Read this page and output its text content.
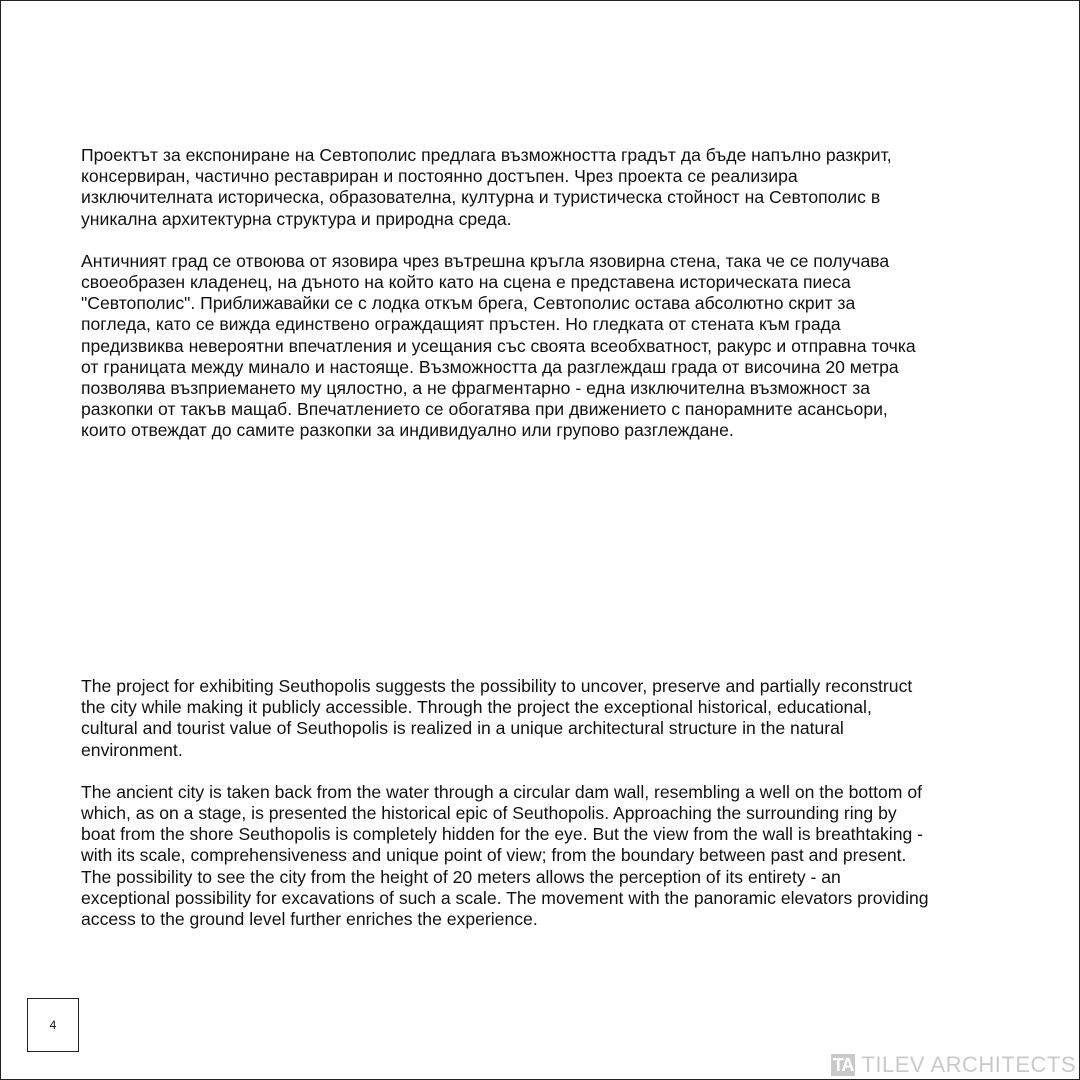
Проектът за експониране на Севтополис предлага възможността градът да бъде напълно разкрит,
консервиран, частично реставриран и постоянно достъпен. Чрез проекта се реализира
изключителната историческа, образователна, културна и туристическа стойност на Севтополис в
уникална архитектурна структура и природна среда.

Античният град се отвоюва от язовира чрез вътрешна кръгла язовирна стена, така че се получава
своеобразен кладенец, на дъното на който като на сцена е представена историческата пиеса
"Севтополис". Приближавайки се с лодка откъм брега, Севтополис остава абсолютно скрит за
погледа, като се вижда единствено ограждащият пръстен. Но гледката от стената към града
предизвиква невероятни впечатления и усещания със своята всеобхватност, ракурс и отправна точка
от границата между минало и настояще. Възможността да разглеждаш града от височина 20 метра
позволява възприемането му цялостно, а не фрагментарно - една изключителна възможност за
разкопки от такъв мащаб. Впечатлението се обогатява при движението с панорамните асансьори,
които отвеждат до самите разкопки за индивидуално или групово разглеждане.

The project for exhibiting Seuthopolis suggests the possibility to uncover, preserve and partially reconstruct
the city while making it publicly accessible. Through the project the exceptional historical, educational,
cultural and tourist value of Seuthopolis is realized in a unique architectural structure in the natural
environment.

The ancient city is taken back from the water through a circular dam wall, resembling a well on the bottom of
which, as on a stage, is presented the historical epic of Seuthopolis. Approaching the surrounding ring by
boat from the shore Seuthopolis is completely hidden for the eye. But the view from the wall is breathtaking -
with its scale, comprehensiveness and unique point of view; from the boundary between past and present.
The possibility to see the city from the height of 20 meters allows the perception of its entirety - an
exceptional possibility for excavations of such a scale. The movement with the panoramic elevators providing
access to the ground level further enriches the experience.

4
TA TILEV ARCHITECTS
